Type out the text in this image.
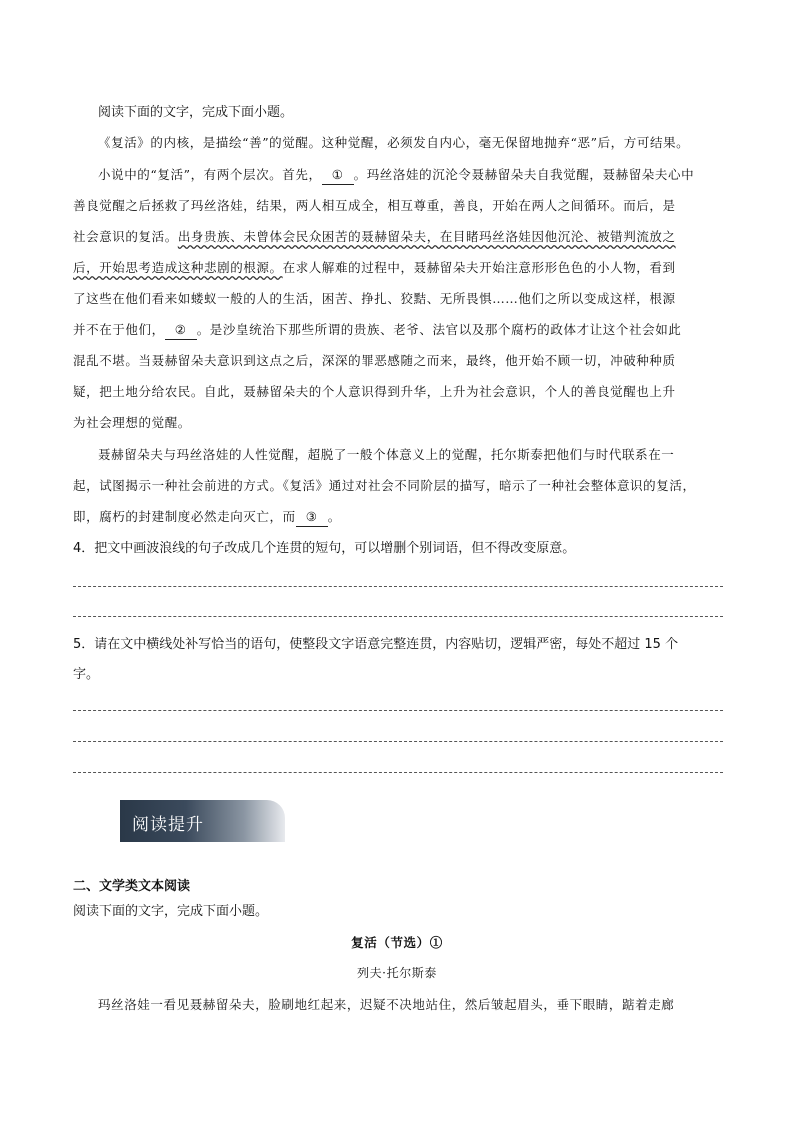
阅读下面的文字，完成下面小题。
《复活》的内核，是描绘“善”的觉醒。这种觉醒，必须发自内心，毫无保留地抛弃“恶”后，方可结果。
小说中的“复活”，有两个层次。首先， ① 。玛丝洛娃的沉沦令聂赫留朵夫自我觉醒，聂赫留朵夫心中
善良觉醒之后拯救了玛丝洛娃，结果，两人相互成全，相互尊重，善良，开始在两人之间循环。而后，是
社会意识的复活。出身贵族、未曾体会民众困苦的聂赫留朵夫，在目睹玛丝洛娃因他沉沦、被错判流放之
后，开始思考造成这种悲剧的根源。在求人解难的过程中，聂赫留朵夫开始注意形形色色的小人物，看到
了这些在他们看来如蝼蚁一般的人的生活，困苦、挣扎、狡黠、无所畏惧……他们之所以变成这样，根源
并不在于他们， ② 。是沙皇统治下那些所谓的贵族、老爷、法官以及那个腐朽的政体才让这个社会如此
混乱不堪。当聂赫留朵夫意识到这点之后，深深的罪恶感随之而来，最终，他开始不顾一切，冲破种种质
疑，把土地分给农民。自此，聂赫留朵夫的个人意识得到升华，上升为社会意识，个人的善良觉醒也上升
为社会理想的觉醒。
聂赫留朵夫与玛丝洛娃的人性觉醒，超脱了一般个体意义上的觉醒，托尔斯泰把他们与时代联系在一
起，试图揭示一种社会前进的方式。《复活》通过对社会不同阶层的描写，暗示了一种社会整体意识的复活，
即，腐朽的封建制度必然走向灭亡，而 ③ 。
4．把文中画波浪线的句子改成几个连贯的短句，可以增删个别词语，但不得改变原意。
5．请在文中横线处补写恰当的语句，使整段文字语意完整连贯，内容贴切，逻辑严密，每处不超过 15 个
字。
阅读提升
二、文学类文本阅读
阅读下面的文字，完成下面小题。
复活（节选）①
列夫·托尔斯泰
玛丝洛娃一看见聂赫留朵夫，脸刷地红起来，迟疑不决地站住，然后皱起眉头，垂下眼睛，踮着走廊
